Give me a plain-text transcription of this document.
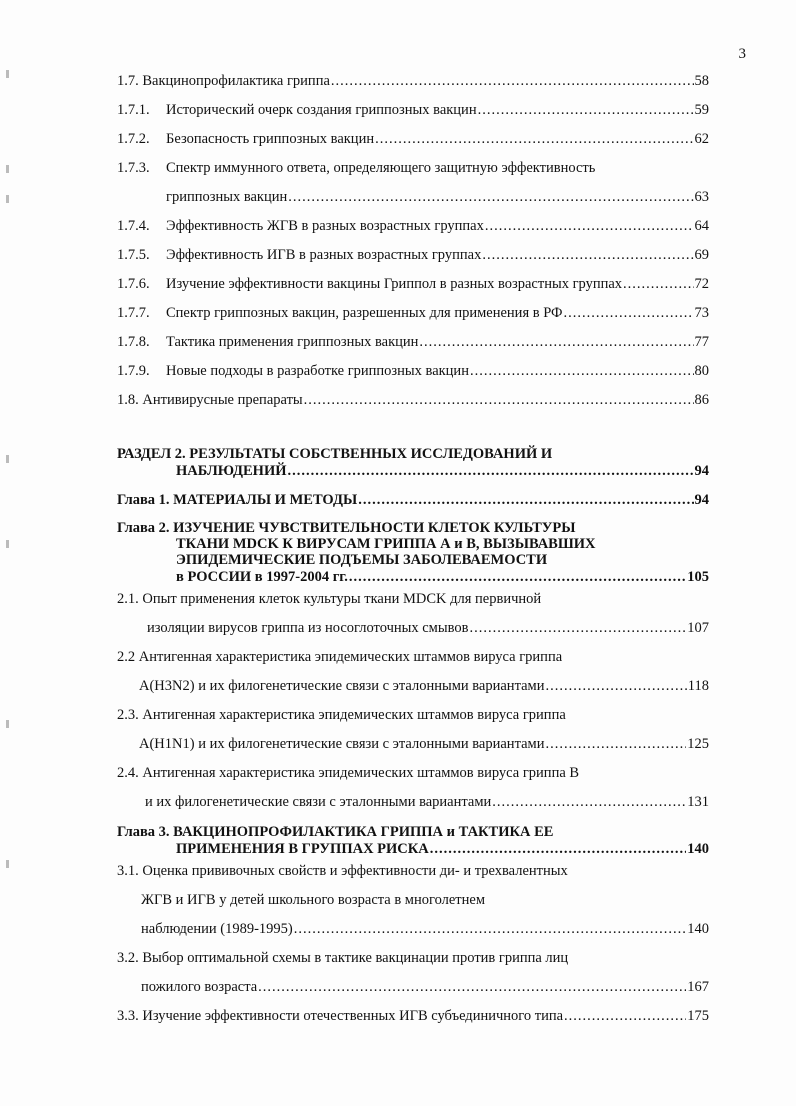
3
1.7. Вакцинопрофилактика гриппа .....	58
1.7.1. Исторический очерк создания гриппозных вакцин .....	59
1.7.2. Безопасность гриппозных вакцин .....	62
1.7.3. Спектр иммунного ответа, определяющего защитную эффективность
гриппозных вакцин .....	63
1.7.4. Эффективность ЖГВ в разных возрастных группах .....	64
1.7.5. Эффективность ИГВ в разных возрастных группах .....	69
1.7.6. Изучение эффективности вакцины Гриппол в разных возрастных группах .....	72
1.7.7. Спектр гриппозных вакцин, разрешенных для применения в РФ .....	73
1.7.8. Тактика применения гриппозных вакцин .....	77
1.7.9. Новые подходы в разработке гриппозных вакцин .....	80
1.8. Антивирусные препараты .....	86
РАЗДЕЛ 2. РЕЗУЛЬТАТЫ СОБСТВЕННЫХ ИССЛЕДОВАНИЙ И
НАБЛЮДЕНИЙ .....	94
Глава 1. МАТЕРИАЛЫ И МЕТОДЫ .....	94
Глава 2. ИЗУЧЕНИЕ ЧУВСТВИТЕЛЬНОСТИ КЛЕТОК КУЛЬТУРЫ
ТКАНИ MDCK К ВИРУСАМ ГРИППА А и В, ВЫЗЫВАВШИХ
ЭПИДЕМИЧЕСКИЕ ПОДЪЕМЫ ЗАБОЛЕВАЕМОСТИ
в РОССИИ в 1997-2004 гг. .....	105
2.1. Опыт применения клеток культуры ткани MDCK для первичной
изоляции вирусов гриппа из носоглоточных смывов .....	107
2.2 Антигенная характеристика эпидемических штаммов вируса гриппа
А(H3N2) и их филогенетические связи с эталонными вариантами .....	118
2.3. Антигенная характеристика эпидемических штаммов вируса гриппа
А(H1N1) и их филогенетические связи с эталонными вариантами .....	125
2.4. Антигенная характеристика эпидемических штаммов вируса гриппа В
и их филогенетические связи с эталонными вариантами .....	131
Глава 3. ВАКЦИНОПРОФИЛАКТИКА ГРИППА и ТАКТИКА ЕЕ
ПРИМЕНЕНИЯ В ГРУППАХ РИСКА .....	140
3.1. Оценка прививочных свойств и эффективности ди- и трехвалентных
ЖГВ и ИГВ у детей школьного возраста в многолетнем
наблюдении (1989-1995) .....	140
3.2. Выбор оптимальной схемы в тактике вакцинации против гриппа лиц
пожилого возраста .....	167
3.3. Изучение эффективности отечественных ИГВ субъединичного типа .....	175
